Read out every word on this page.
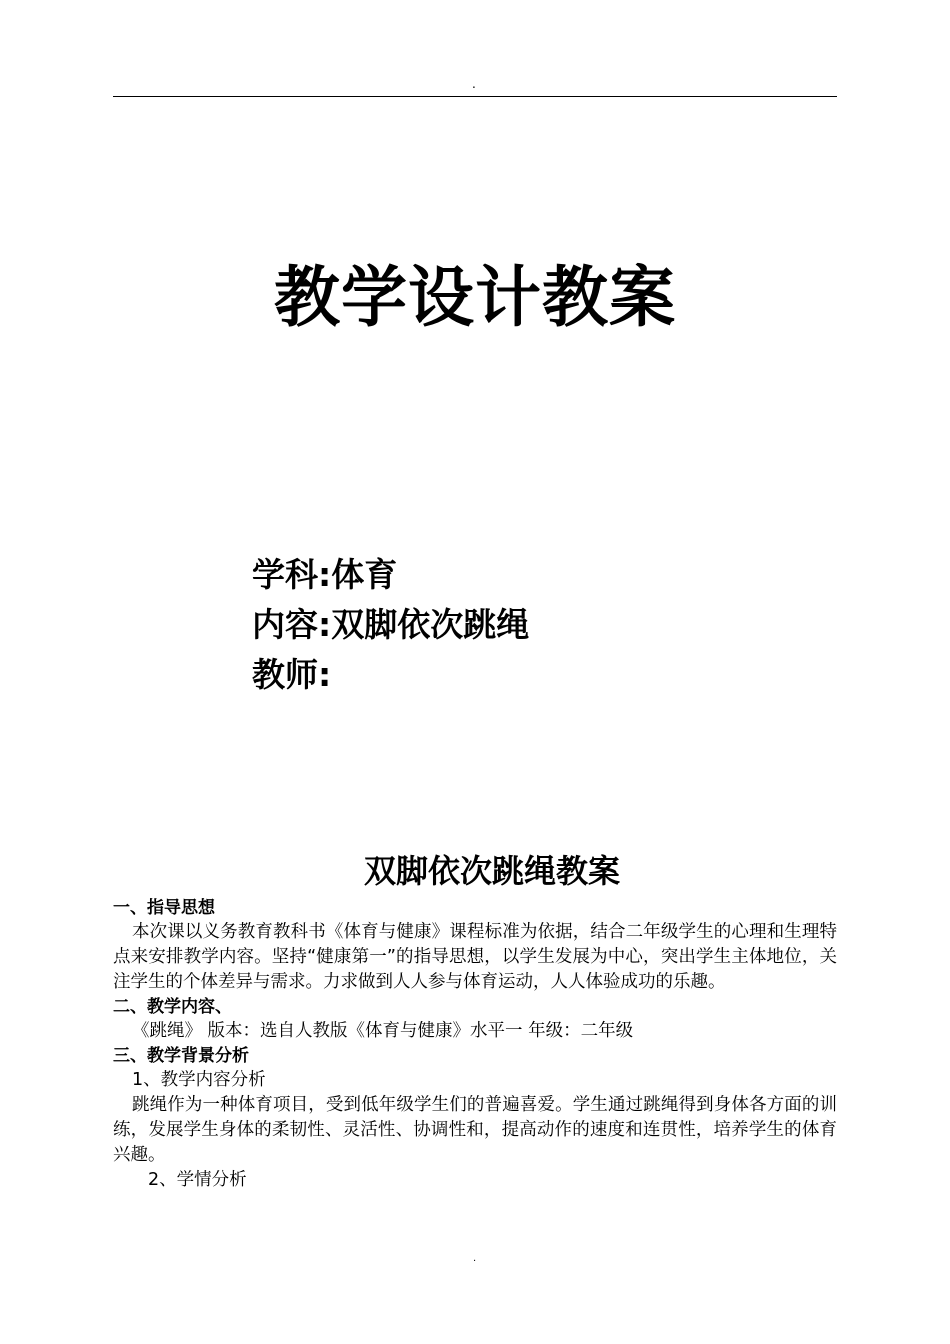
.
教学设计教案
学科:体育
内容:双脚依次跳绳
教师:
双脚依次跳绳教案
一、指导思想
本次课以义务教育教科书《体育与健康》课程标准为依据，结合二年级学生的心理和生理特点来安排教学内容。坚持“健康第一”的指导思想，以学生发展为中心，突出学生主体地位，关注学生的个体差异与需求。力求做到人人参与体育运动，人人体验成功的乐趣。
二、教学内容、
《跳绳》 版本：选自人教版《体育与健康》水平一 年级：二年级
三、教学背景分析
1、教学内容分析
跳绳作为一种体育项目，受到低年级学生们的普遍喜爱。学生通过跳绳得到身体各方面的训练，发展学生身体的柔韧性、灵活性、协调性和，提高动作的速度和连贯性，培养学生的体育兴趣。
2、学情分析
.
